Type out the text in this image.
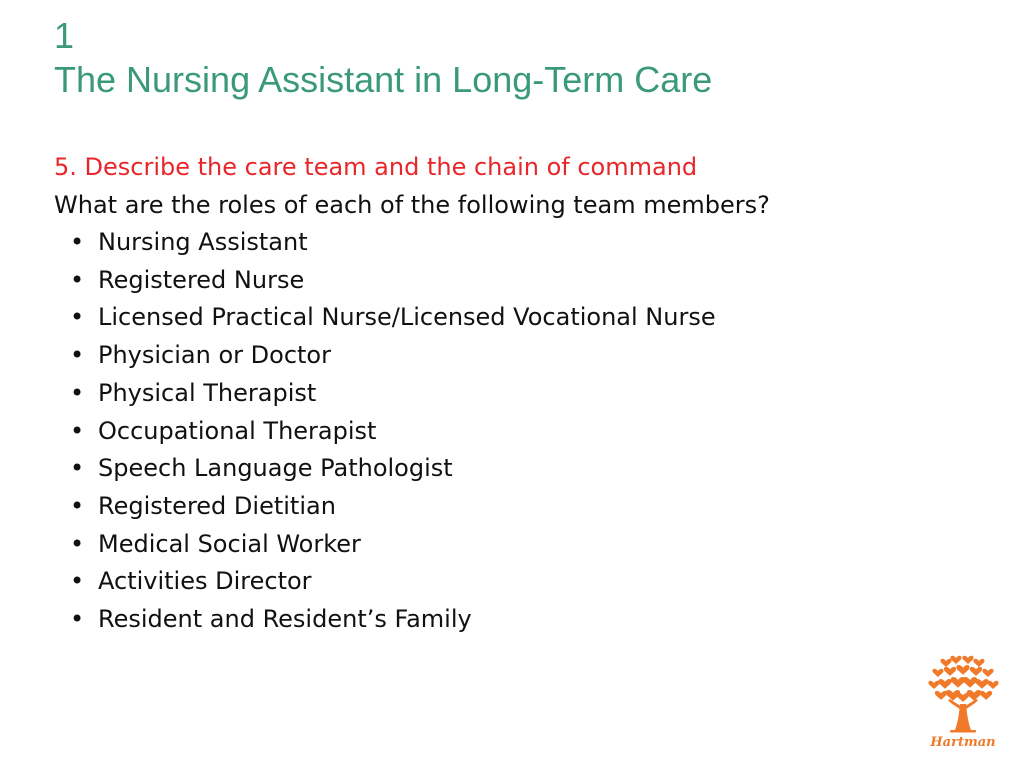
1
The Nursing Assistant in Long-Term Care
5. Describe the care team and the chain of command
What are the roles of each of the following team members?
• Nursing Assistant
• Registered Nurse
• Licensed Practical Nurse/Licensed Vocational Nurse
• Physician or Doctor
• Physical Therapist
• Occupational Therapist
• Speech Language Pathologist
• Registered Dietitian
• Medical Social Worker
• Activities Director
• Resident and Resident’s Family
Hartman
